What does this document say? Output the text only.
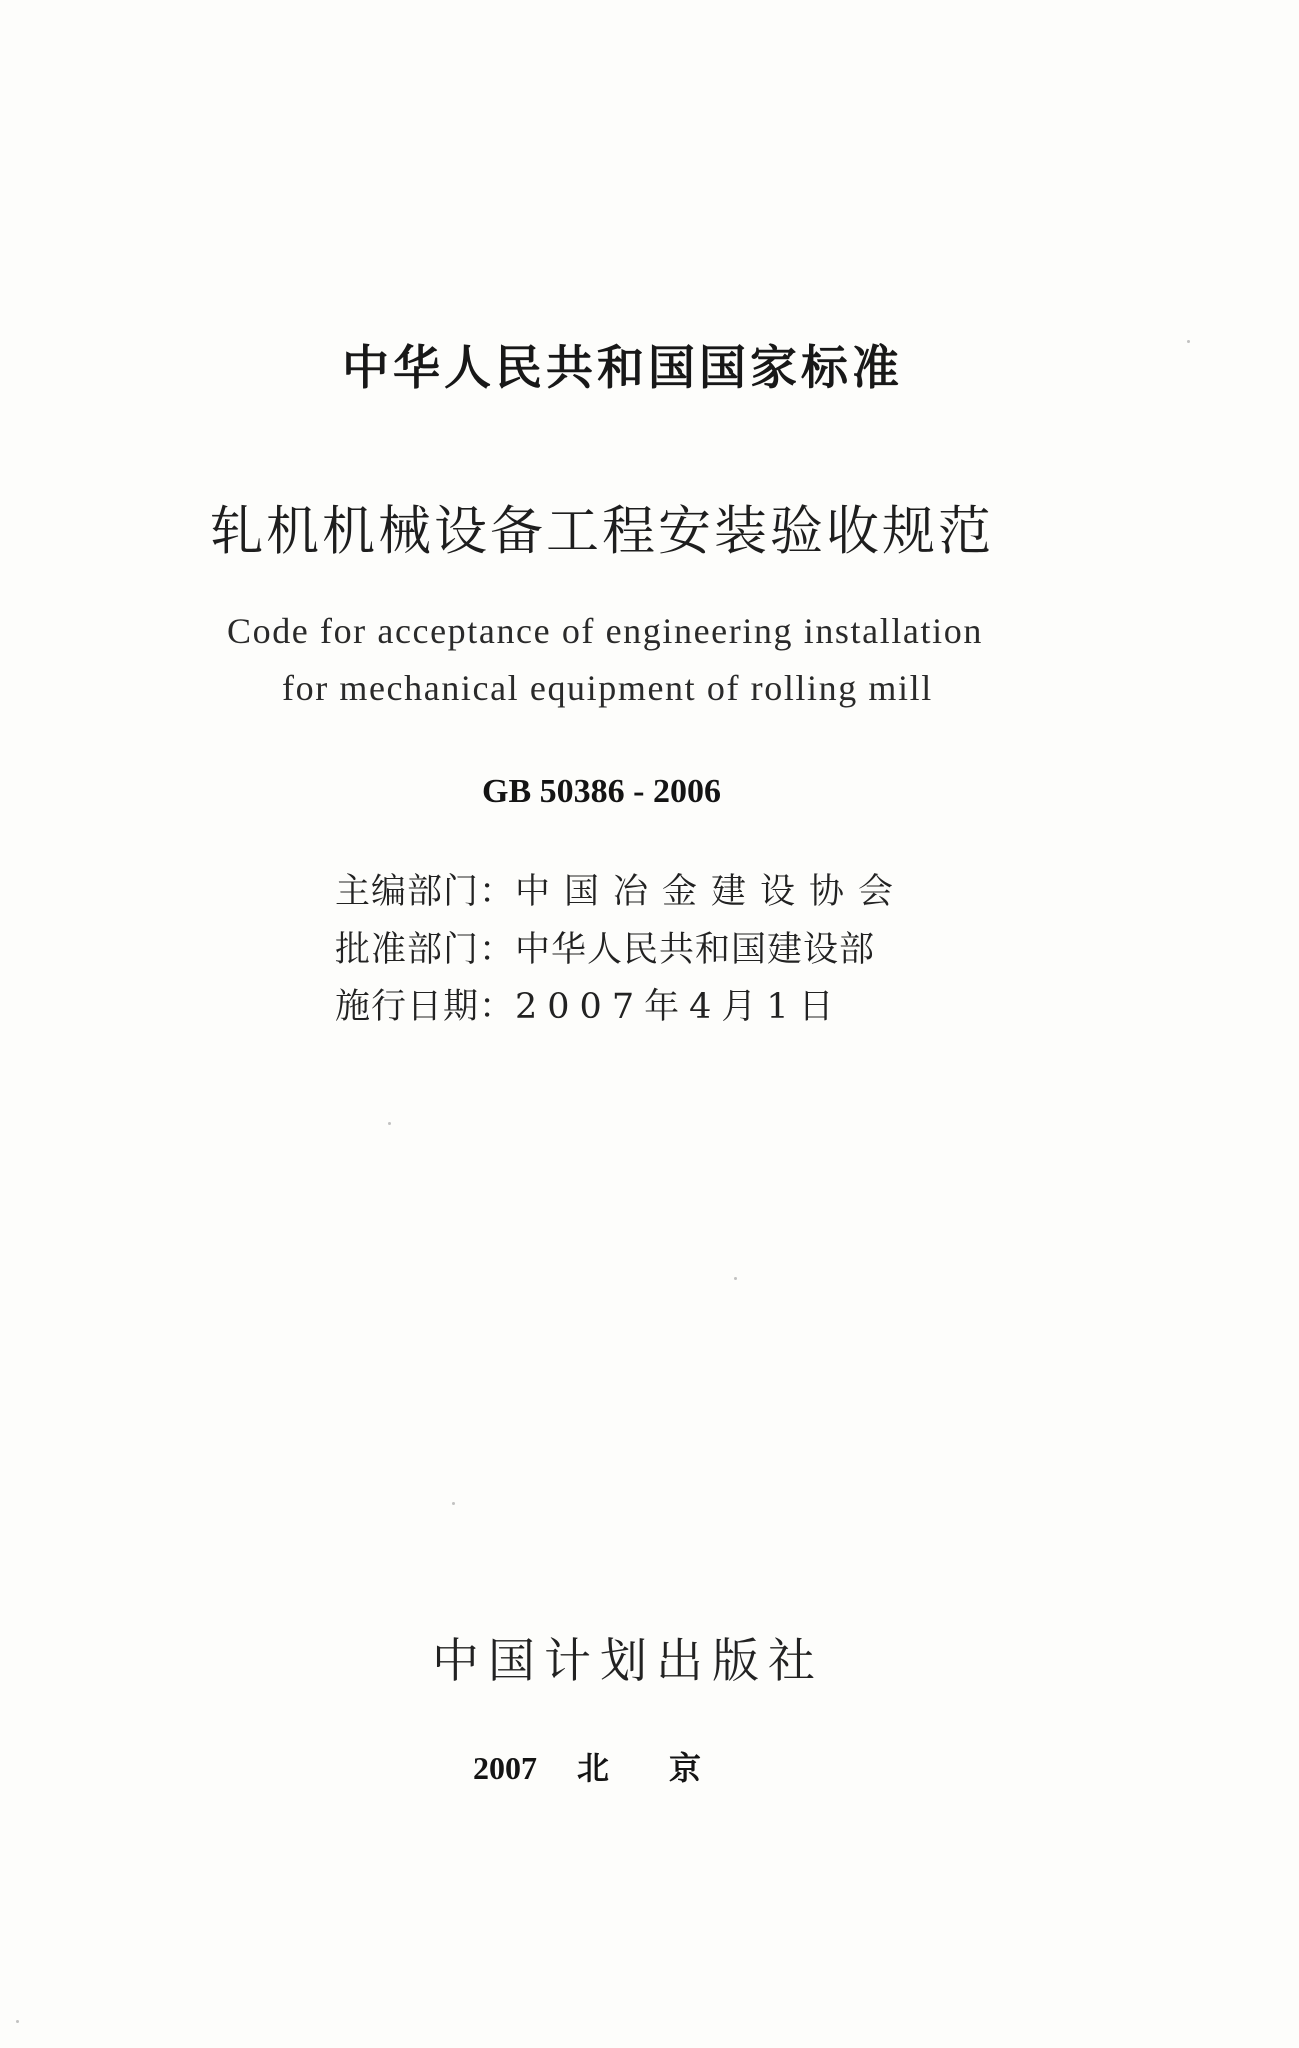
中华人民共和国国家标准
轧机机械设备工程安装验收规范
Code for acceptance of engineering installation
for mechanical equipment of rolling mill
GB 50386 - 2006
主编部门：中国冶金建设协会
批准部门：中华人民共和国建设部
施行日期：2007年4月1日
中国计划出版社
2007 北京
